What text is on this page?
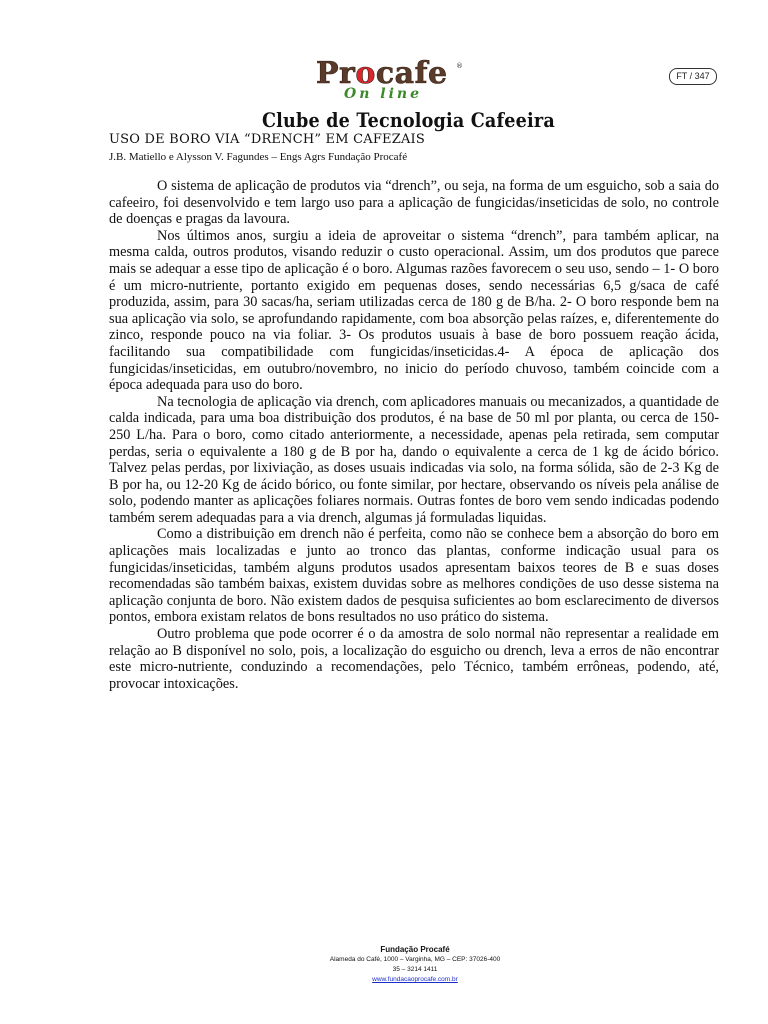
Procafe ®
On line
FT / 347
Clube de Tecnologia Cafeeira
USO DE BORO VIA “DRENCH” EM CAFEZAIS
J.B. Matiello e Alysson V. Fagundes – Engs Agrs Fundação Procafé

O sistema de aplicação de produtos via “drench”, ou seja, na forma de um esguicho, sob a saia do cafeeiro, foi desenvolvido e tem largo uso para a aplicação de fungicidas/inseticidas de solo, no controle de doenças e pragas da lavoura.

Nos últimos anos, surgiu a ideia de aproveitar o sistema “drench”, para também aplicar, na mesma calda, outros produtos, visando reduzir o custo operacional. Assim, um dos produtos que parece mais se adequar a esse tipo de aplicação é o boro. Algumas razões favorecem o seu uso, sendo – 1- O boro é um micro-nutriente, portanto exigido em pequenas doses, sendo necessárias 6,5 g/saca de café produzida, assim, para 30 sacas/ha, seriam utilizadas cerca de 180 g de B/ha. 2- O boro responde bem na sua aplicação via solo, se aprofundando rapidamente, com boa absorção pelas raízes, e, diferentemente do zinco, responde pouco na via foliar. 3- Os produtos usuais à base de boro possuem reação ácida, facilitando sua compatibilidade com fungicidas/inseticidas.4- A época de aplicação dos fungicidas/inseticidas, em outubro/novembro, no inicio do período chuvoso, também coincide com a época adequada para uso do boro.

Na tecnologia de aplicação via drench, com aplicadores manuais ou mecanizados, a quantidade de calda indicada, para uma boa distribuição dos produtos, é na base de 50 ml por planta, ou cerca de 150-250 L/ha. Para o boro, como citado anteriormente, a necessidade, apenas pela retirada, sem computar perdas, seria o equivalente a 180 g de B por ha, dando o equivalente a cerca de 1 kg de ácido bórico. Talvez pelas perdas, por lixiviação, as doses usuais indicadas via solo, na forma sólida, são de 2-3 Kg de B por ha, ou 12-20 Kg de ácido bórico, ou fonte similar, por hectare, observando os níveis pela análise de solo, podendo manter as aplicações foliares normais. Outras fontes de boro vem sendo indicadas podendo também serem adequadas para a via drench, algumas já formuladas liquidas.

Como a distribuição em drench não é perfeita, como não se conhece bem a absorção do boro em aplicações mais localizadas e junto ao tronco das plantas, conforme indicação usual para os fungicidas/inseticidas, também alguns produtos usados apresentam baixos teores de B e suas doses recomendadas são também baixas, existem duvidas sobre as melhores condições de uso desse sistema na aplicação conjunta de boro. Não existem dados de pesquisa suficientes ao bom esclarecimento de diversos pontos, embora existam relatos de bons resultados no uso prático do sistema.

Outro problema que pode ocorrer é o da amostra de solo normal não representar a realidade em relação ao B disponível no solo, pois, a localização do esguicho ou drench, leva a erros de não encontrar este micro-nutriente, conduzindo a recomendações, pelo Técnico, também errôneas, podendo, até, provocar intoxicações.

Fundação Procafé
Alameda do Café, 1000 – Varginha, MG – CEP: 37026-400
35 – 3214 1411
www.fundacaoprocafe.com.br
